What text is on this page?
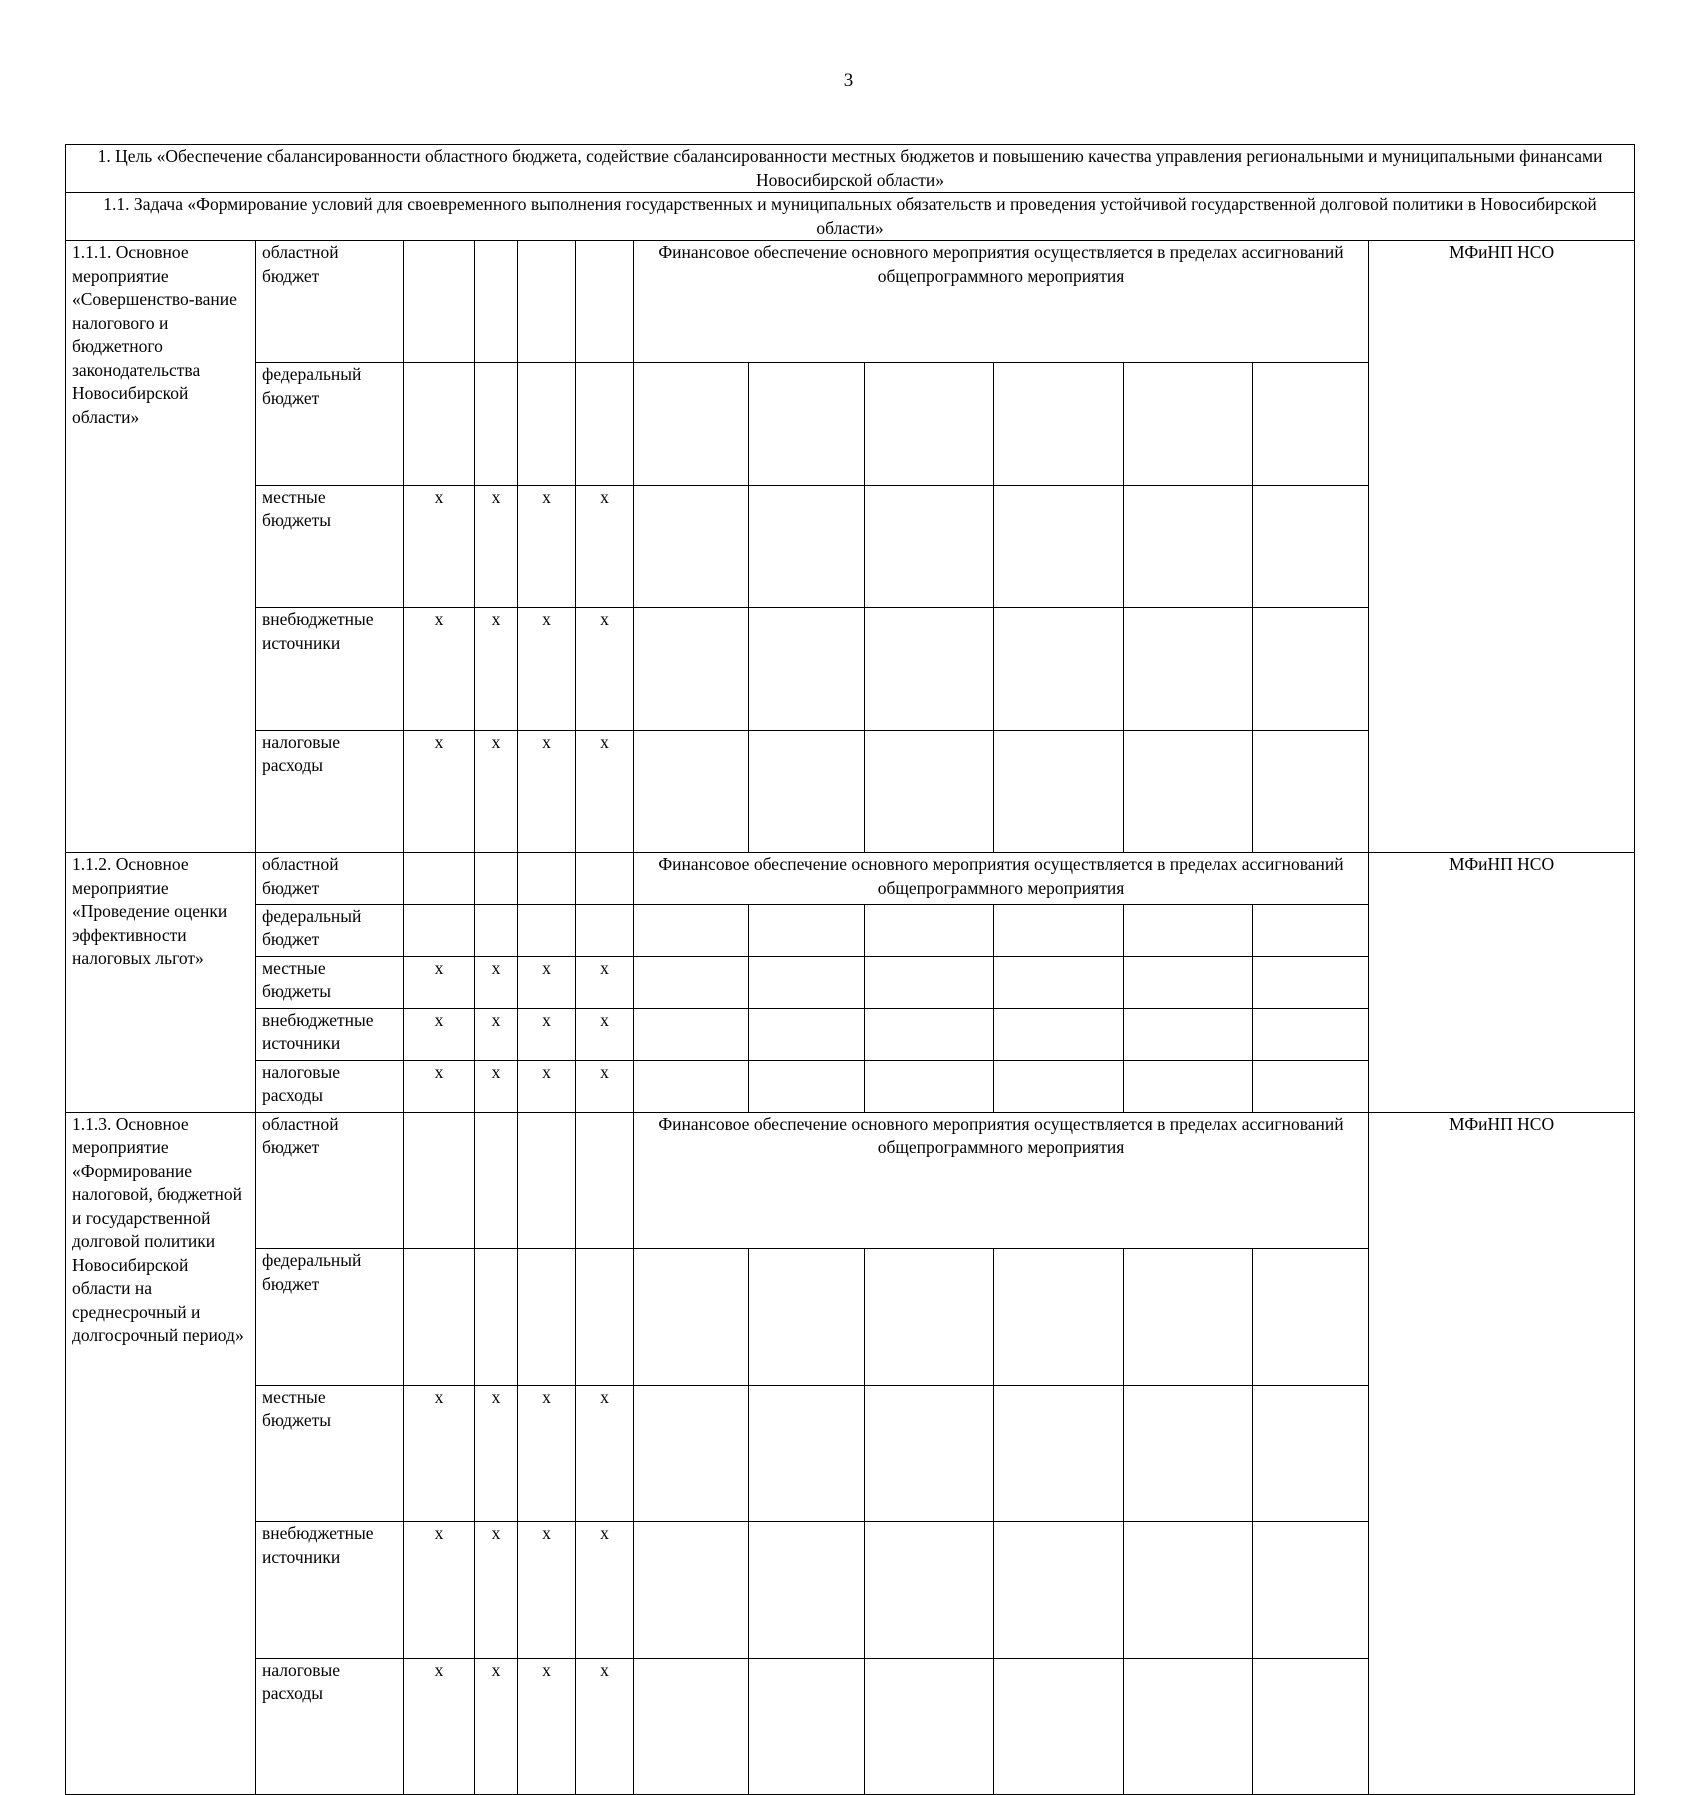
3
1. Цель «Обеспечение сбалансированности областного бюджета, содействие сбалансированности местных бюджетов и повышению качества управления региональными и муниципальными финансами Новосибирской области»													
1.1. Задача «Формирование условий для своевременного выполнения государственных и муниципальных обязательств и проведения устойчивой государственной долговой политики в Новосибирской области»													
1.1.1. Основное мероприятие «Совершенство-вание налогового и бюджетного законодательства Новосибирской области»	областной бюджет					Финансовое обеспечение основного мероприятия осуществляется в пределах ассигнований общепрограммного мероприятия						МФиНП НСО	
	федеральный бюджет												
	местные бюджеты	х	х	х	х								
	внебюджетные источники	х	х	х	х								
	налоговые расходы	х	х	х	х								
1.1.2. Основное мероприятие «Проведение оценки эффективности налоговых льгот»	областной бюджет					Финансовое обеспечение основного мероприятия осуществляется в пределах ассигнований общепрограммного мероприятия						МФиНП НСО	
	федеральный бюджет												
	местные бюджеты	х	х	х	х								
	внебюджетные источники	х	х	х	х								
	налоговые расходы	х	х	х	х								
1.1.3. Основное мероприятие «Формирование налоговой, бюджетной и государственной долговой политики Новосибирской области на среднесрочный и долгосрочный период»	областной бюджет					Финансовое обеспечение основного мероприятия осуществляется в пределах ассигнований общепрограммного мероприятия						МФиНП НСО	
	федеральный бюджет												
	местные бюджеты	х	х	х	х								
	внебюджетные источники	х	х	х	х								
	налоговые расходы	х	х	х	х								
